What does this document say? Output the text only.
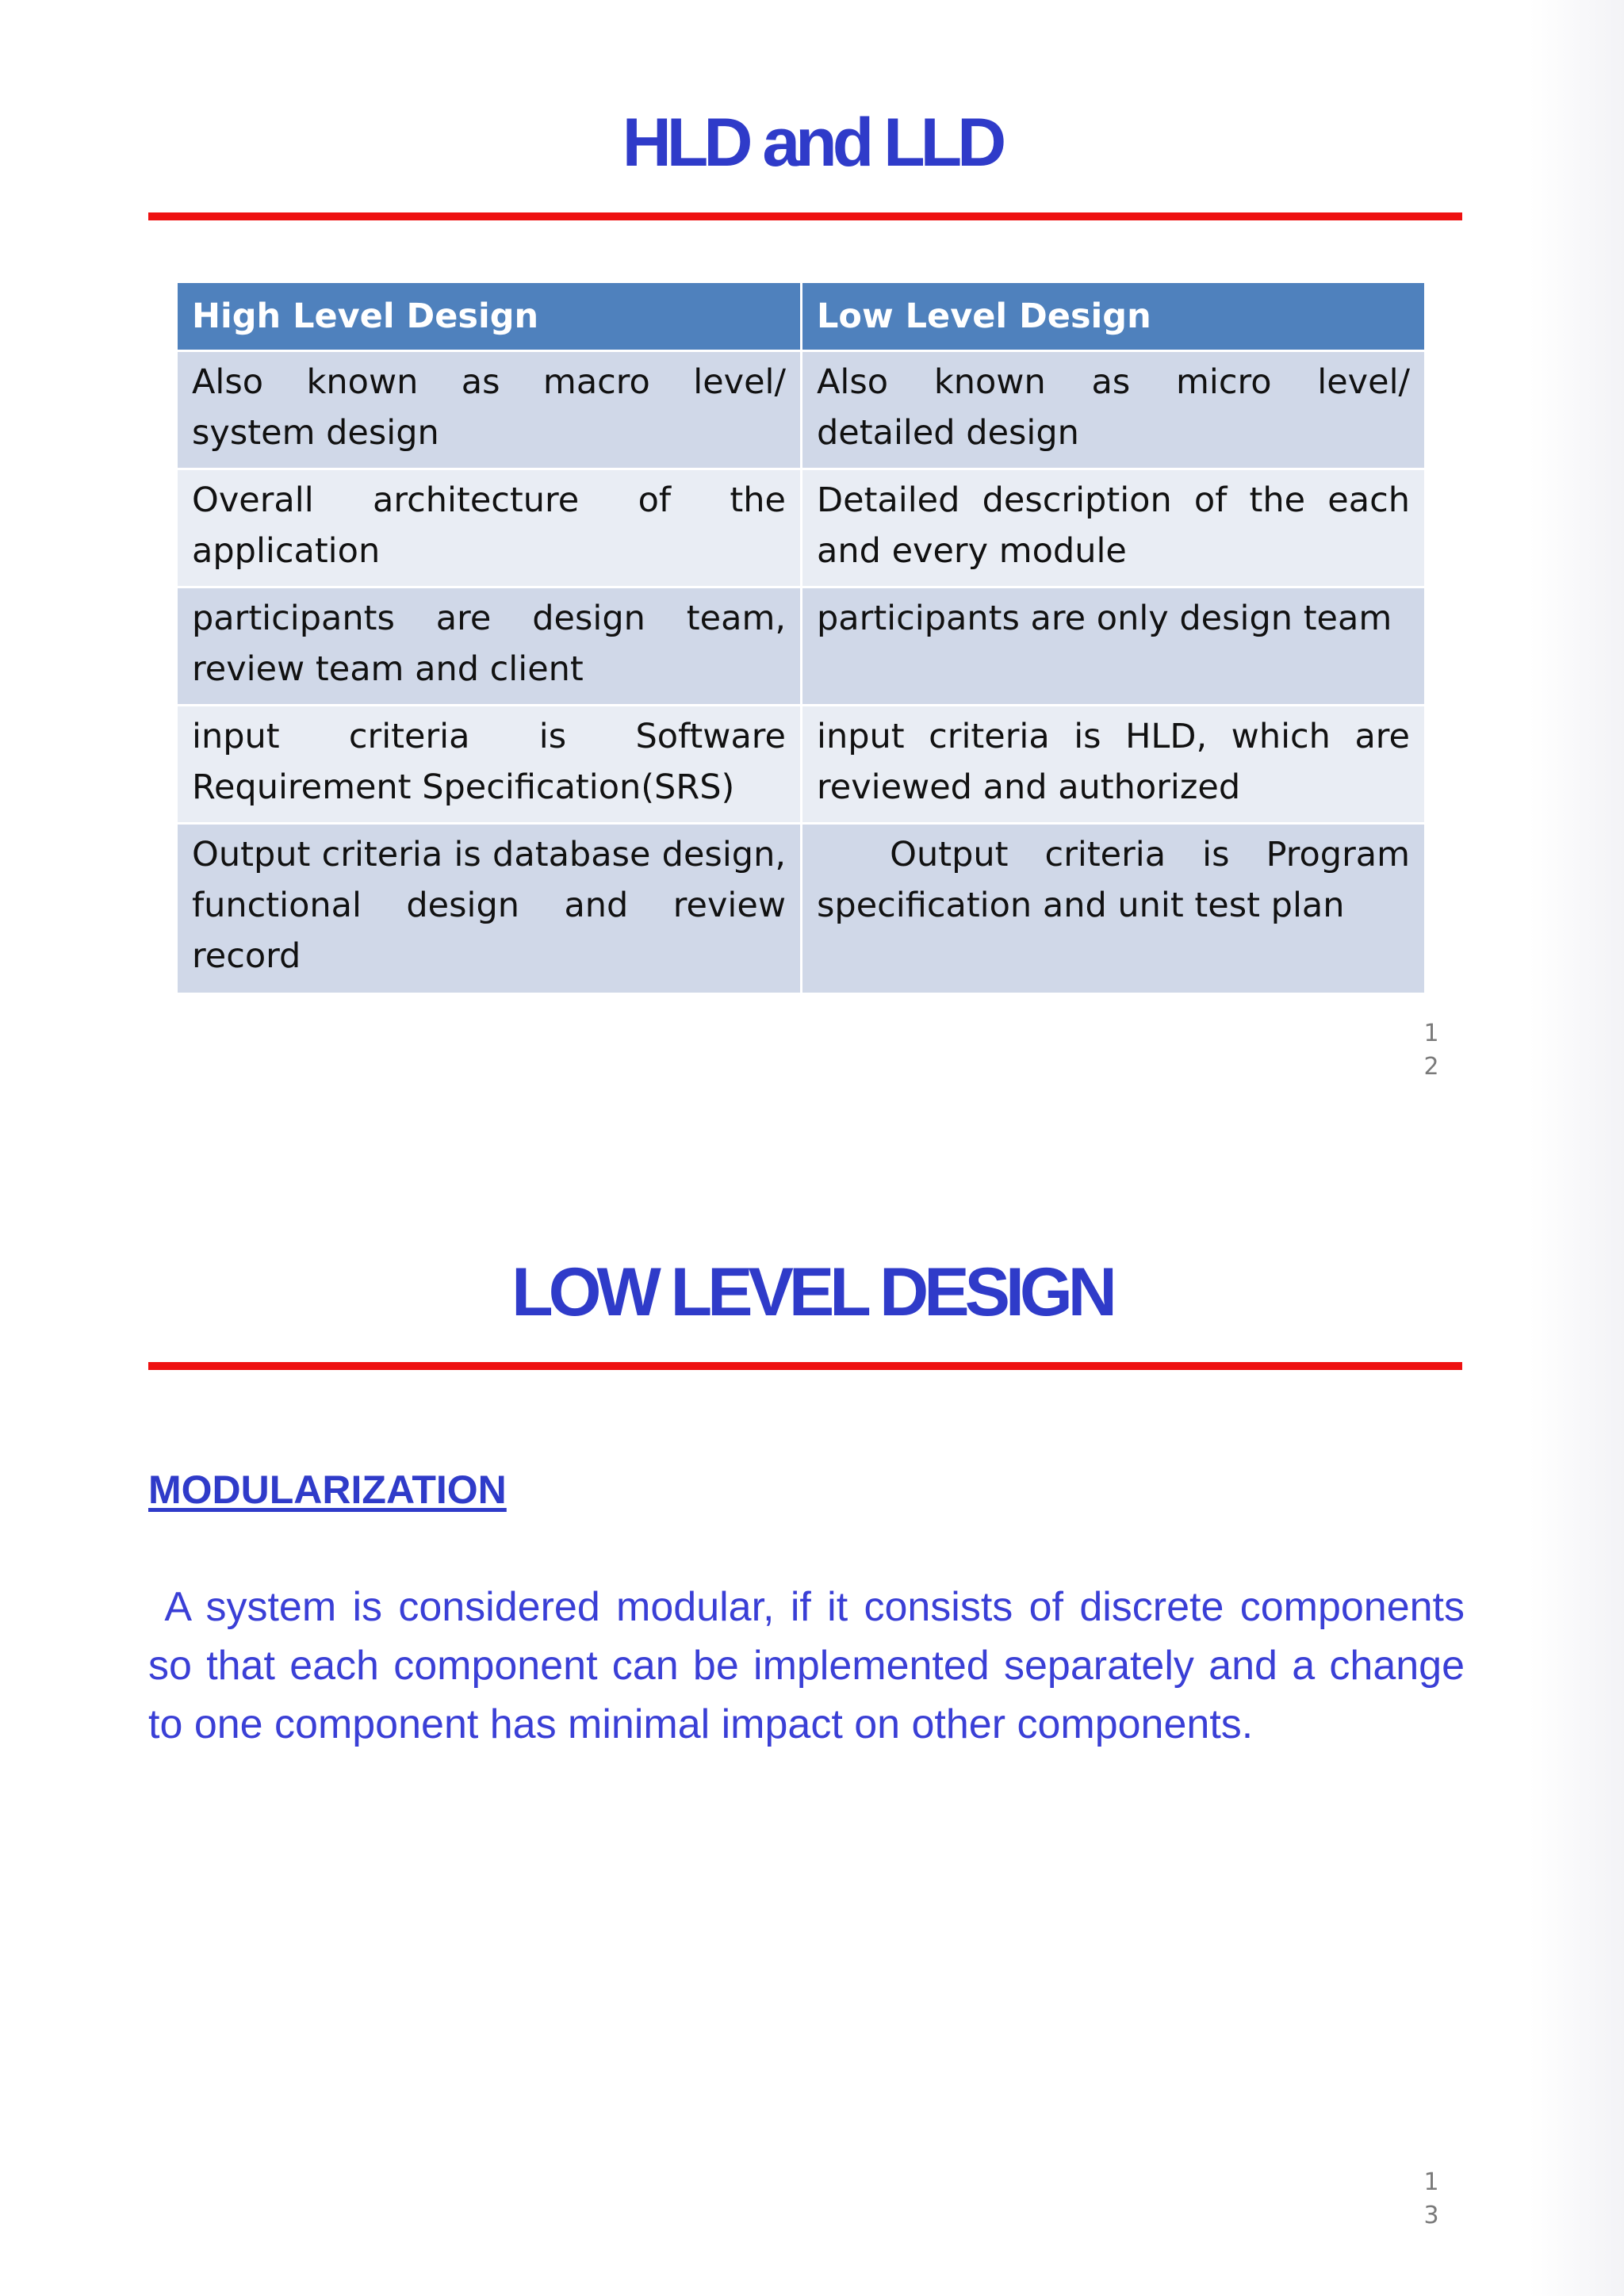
HLD and LLD
High Level Design	Low Level Design
Also known as macro level/ system design	Also known as micro level/ detailed design
Overall architecture of the application	Detailed description of the each and every module
participants are design team, review team and client	participants are only design team
input criteria is Software Requirement Specification(SRS)	input criteria is HLD, which are reviewed and authorized
Output criteria is database design, functional design and review record	Output criteria is Program specification and unit test plan
1
2
LOW LEVEL DESIGN
MODULARIZATION
A system is considered modular, if it consists of discrete components so that each component can be implemented separately and a change to one component has minimal impact on other components.
1
3
